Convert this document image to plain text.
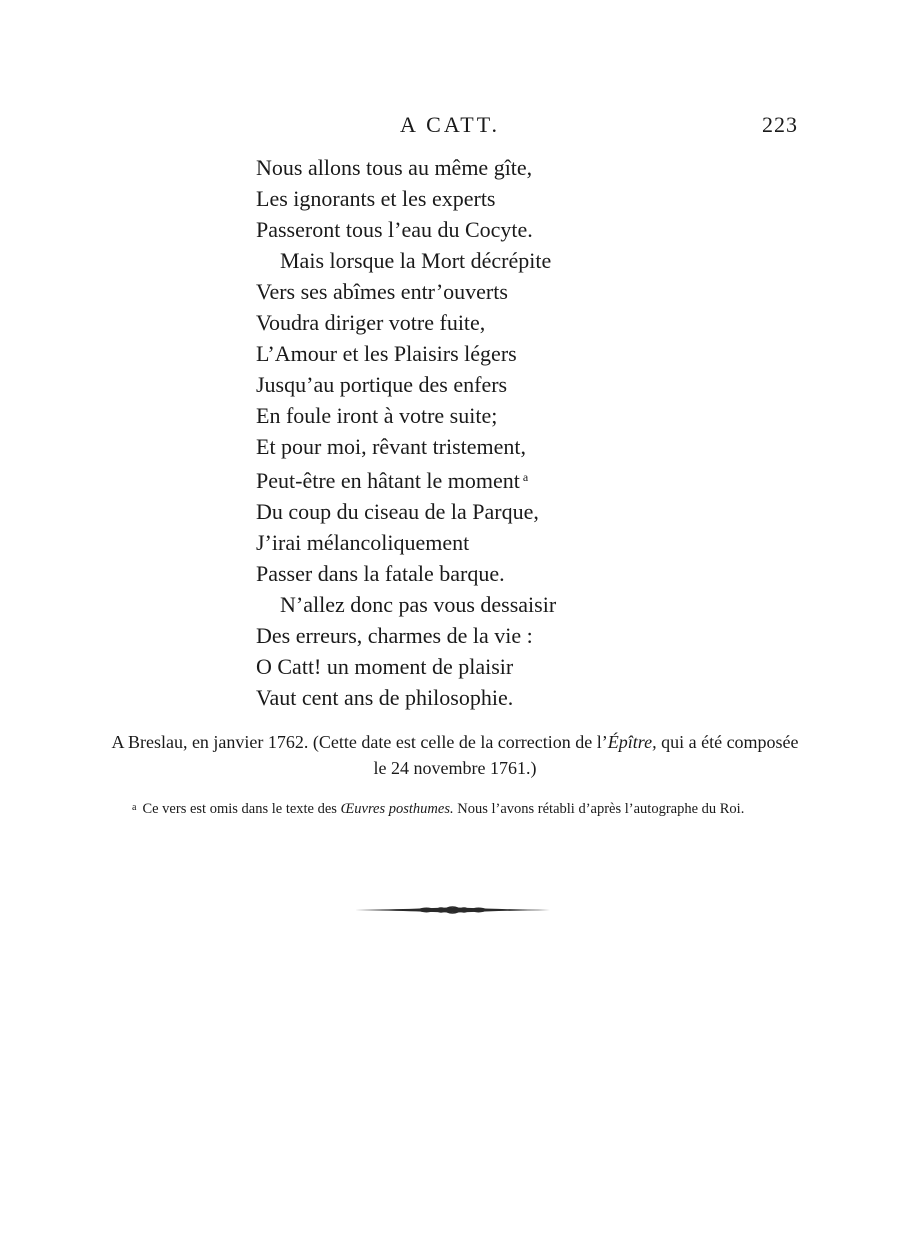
A CATT.	223
Nous allons tous au même gîte,
Les ignorants et les experts
Passeront tous l’eau du Cocyte.
Mais lorsque la Mort décrépite
Vers ses abîmes entr’ouverts
Voudra diriger votre fuite,
L’Amour et les Plaisirs légers
Jusqu’au portique des enfers
En foule iront à votre suite;
Et pour moi, rêvant tristement,
Peut-être en hâtant le moment $^a$
Du coup du ciseau de la Parque,
J’irai mélancoliquement
Passer dans la fatale barque.
N’allez donc pas vous dessaisir
Des erreurs, charmes de la vie :
O Catt! un moment de plaisir
Vaut cent ans de philosophie.
A Breslau, en janvier 1762. (Cette date est celle de la correction de l’Épître, qui a été composée le 24 novembre 1761.)
$^a$ Ce vers est omis dans le texte des Œuvres posthumes. Nous l’avons rétabli d’après l’autographe du Roi.
